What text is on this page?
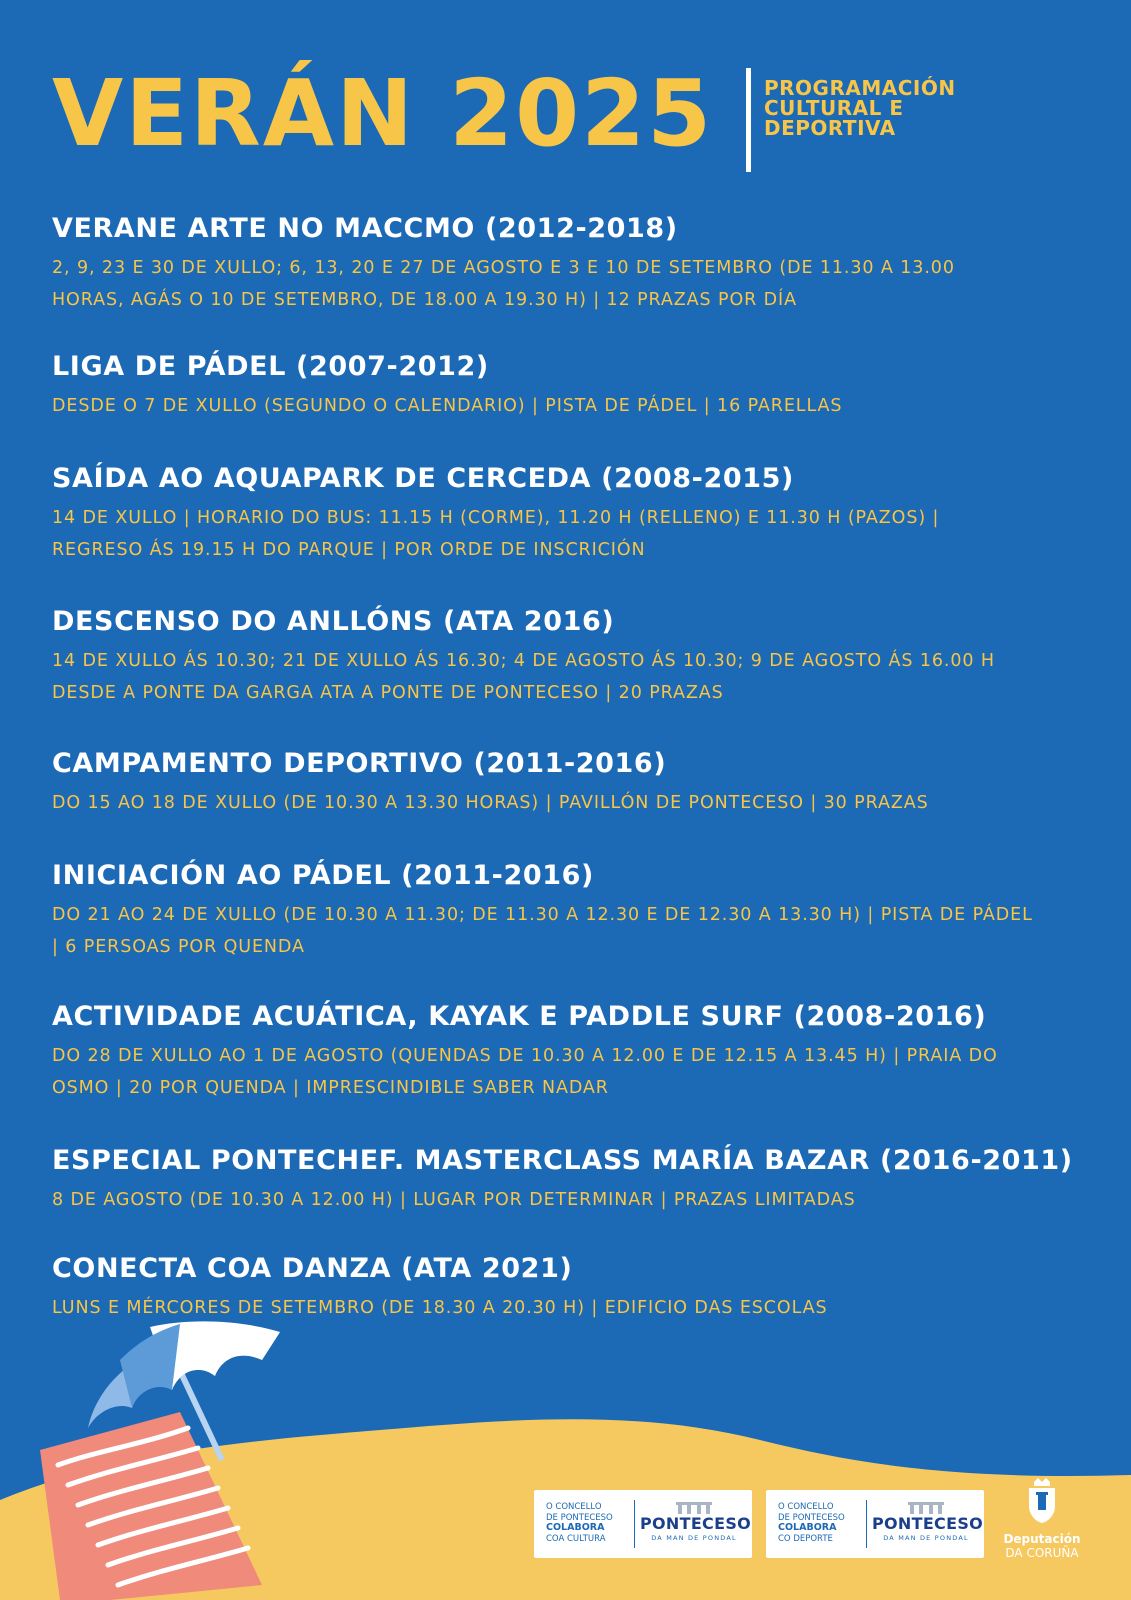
VERÁN 2025	PROGRAMACIÓN
CULTURAL E
DEPORTIVA
VERANE ARTE NO MACCMO (2012-2018)
2, 9, 23 E 30 DE XULLO; 6, 13, 20 E 27 DE AGOSTO E 3 E 10 DE SETEMBRO (DE 11.30 A 13.00
HORAS, AGÁS O 10 DE SETEMBRO, DE 18.00 A 19.30 H) | 12 PRAZAS POR DÍA
LIGA DE PÁDEL (2007-2012)
DESDE O 7 DE XULLO (SEGUNDO O CALENDARIO) | PISTA DE PÁDEL | 16 PARELLAS
SAÍDA AO AQUAPARK DE CERCEDA (2008-2015)
14 DE XULLO | HORARIO DO BUS: 11.15 H (CORME), 11.20 H (RELLENO) E 11.30 H (PAZOS) |
REGRESO ÁS 19.15 H DO PARQUE | POR ORDE DE INSCRICIÓN
DESCENSO DO ANLLÓNS (ATA 2016)
14 DE XULLO ÁS 10.30; 21 DE XULLO ÁS 16.30; 4 DE AGOSTO ÁS 10.30; 9 DE AGOSTO ÁS 16.00 H
DESDE A PONTE DA GARGA ATA A PONTE DE PONTECESO | 20 PRAZAS
CAMPAMENTO DEPORTIVO (2011-2016)
DO 15 AO 18 DE XULLO (DE 10.30 A 13.30 HORAS) | PAVILLÓN DE PONTECESO | 30 PRAZAS
INICIACIÓN AO PÁDEL (2011-2016)
DO 21 AO 24 DE XULLO (DE 10.30 A 11.30; DE 11.30 A 12.30 E DE 12.30 A 13.30 H) | PISTA DE PÁDEL
| 6 PERSOAS POR QUENDA
ACTIVIDADE ACUÁTICA, KAYAK E PADDLE SURF (2008-2016)
DO 28 DE XULLO AO 1 DE AGOSTO (QUENDAS DE 10.30 A 12.00 E DE 12.15 A 13.45 H) | PRAIA DO
OSMO | 20 POR QUENDA | IMPRESCINDIBLE SABER NADAR
ESPECIAL PONTECHEF. MASTERCLASS MARÍA BAZAR (2016-2011)
8 DE AGOSTO (DE 10.30 A 12.00 H) | LUGAR POR DETERMINAR | PRAZAS LIMITADAS
CONECTA COA DANZA (ATA 2021)
LUNS E MÉRCORES DE SETEMBRO (DE 18.30 A 20.30 H) | EDIFICIO DAS ESCOLAS
O CONCELLO
DE PONTECESO
COLABORA
COA CULTURA
PONTECESO
DA MAN DE PONDAL
O CONCELLO
DE PONTECESO
COLABORA
CO DEPORTE
PONTECESO
DA MAN DE PONDAL	Deputación
DA CORUÑA
